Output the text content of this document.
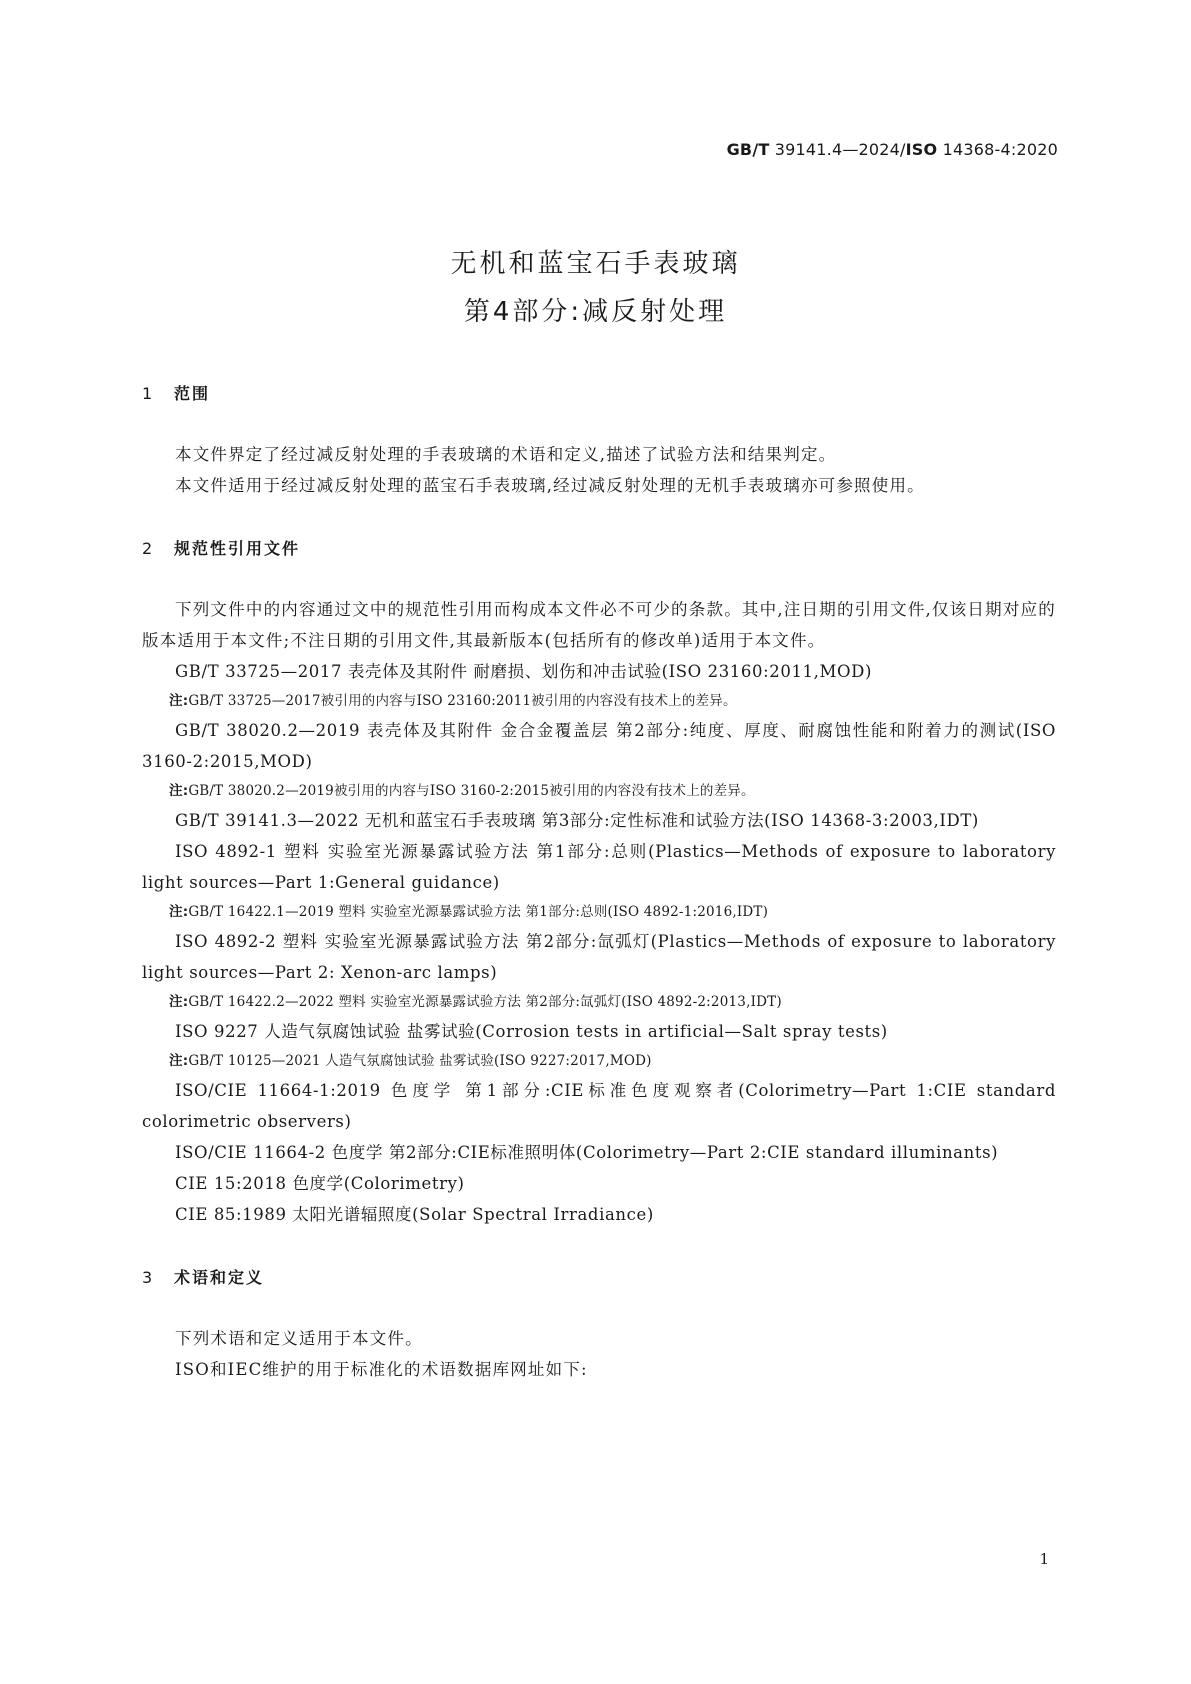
GB/T 39141.4—2024/ISO 14368-4:2020
无机和蓝宝石手表玻璃
第4部分:减反射处理
1 范围

本文件界定了经过减反射处理的手表玻璃的术语和定义,描述了试验方法和结果判定。

本文件适用于经过减反射处理的蓝宝石手表玻璃,经过减反射处理的无机手表玻璃亦可参照使用。

2 规范性引用文件

下列文件中的内容通过文中的规范性引用而构成本文件必不可少的条款。其中,注日期的引用文件,仅该日期对应的版本适用于本文件;不注日期的引用文件,其最新版本(包括所有的修改单)适用于本文件。

GB/T 33725—2017 表壳体及其附件 耐磨损、划伤和冲击试验(ISO 23160:2011,MOD)

注:GB/T 33725—2017被引用的内容与ISO 23160:2011被引用的内容没有技术上的差异。

GB/T 38020.2—2019 表壳体及其附件 金合金覆盖层 第2部分:纯度、厚度、耐腐蚀性能和附着力的测试(ISO 3160-2:2015,MOD)

注:GB/T 38020.2—2019被引用的内容与ISO 3160-2:2015被引用的内容没有技术上的差异。

GB/T 39141.3—2022 无机和蓝宝石手表玻璃 第3部分:定性标准和试验方法(ISO 14368-3:2003,IDT)

ISO 4892-1 塑料 实验室光源暴露试验方法 第1部分:总则(Plastics—Methods of exposure to laboratory light sources—Part 1:General guidance)

注:GB/T 16422.1—2019 塑料 实验室光源暴露试验方法 第1部分:总则(ISO 4892-1:2016,IDT)

ISO 4892-2 塑料 实验室光源暴露试验方法 第2部分:氙弧灯(Plastics—Methods of exposure to laboratory light sources—Part 2: Xenon-arc lamps)

注:GB/T 16422.2—2022 塑料 实验室光源暴露试验方法 第2部分:氙弧灯(ISO 4892-2:2013,IDT)

ISO 9227 人造气氛腐蚀试验 盐雾试验(Corrosion tests in artificial—Salt spray tests)

注:GB/T 10125—2021 人造气氛腐蚀试验 盐雾试验(ISO 9227:2017,MOD)

ISO/CIE 11664-1:2019 色度学 第1部分:CIE标准色度观察者(Colorimetry—Part 1:CIE standard colorimetric observers)

ISO/CIE 11664-2 色度学 第2部分:CIE标准照明体(Colorimetry—Part 2:CIE standard illuminants)

CIE 15:2018 色度学(Colorimetry)

CIE 85:1989 太阳光谱辐照度(Solar Spectral Irradiance)

3 术语和定义

下列术语和定义适用于本文件。

ISO和IEC维护的用于标准化的术语数据库网址如下:

1
